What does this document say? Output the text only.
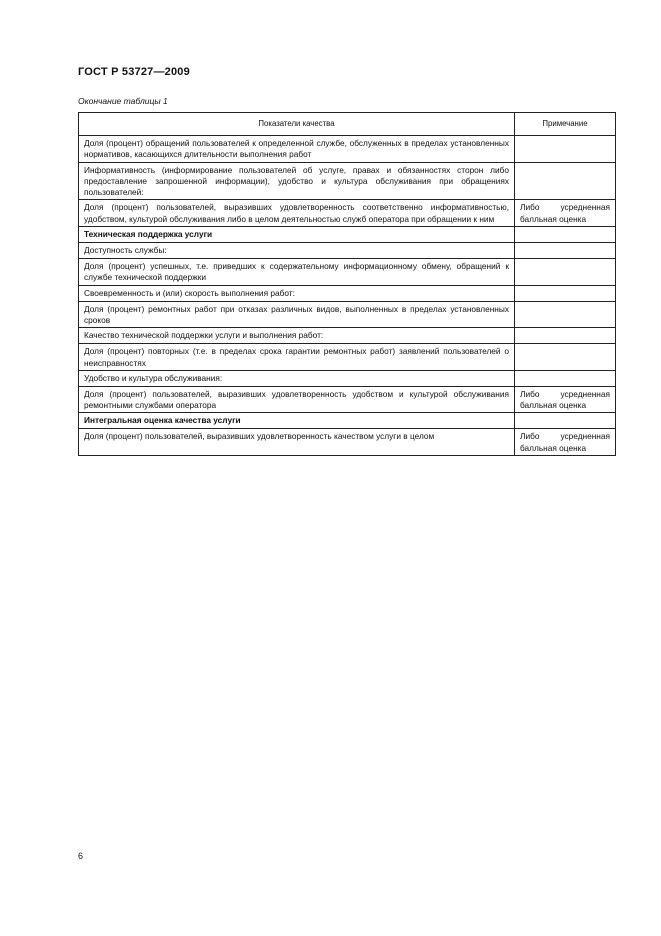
ГОСТ Р 53727—2009
Окончание таблицы 1
Показатели качества	Примечание
Доля (процент) обращений пользователей к определенной службе, обслуженных в пределах установленных нормативов, касающихся длительности выполнения работ	
Информативность (информирование пользователей об услуге, правах и обязанностях сторон либо предоставление запрошенной информации), удобство и культура обслуживания при обращениях пользователей:	
Доля (процент) пользователей, выразивших удовлетворенность соответственно информативностью, удобством, культурой обслуживания либо в целом деятельностью служб оператора при обращении к ним	Либо усредненная балльная оценка
Техническая поддержка услуги	
Доступность службы:	
Доля (процент) успешных, т.е. приведших к содержательному информационному обмену, обращений к службе технической поддержки	
Своевременность и (или) скорость выполнения работ:	
Доля (процент) ремонтных работ при отказах различных видов, выполненных в пределах установленных сроков	
Качество технической поддержки услуги и выполнения работ:	
Доля (процент) повторных (т.е. в пределах срока гарантии ремонтных работ) заявлений пользователей о неисправностях	
Удобство и культура обслуживания:	
Доля (процент) пользователей, выразивших удовлетворенность удобством и культурой обслуживания ремонтными службами оператора	Либо усредненная балльная оценка
Интегральная оценка качества услуги	
Доля (процент) пользователей, выразивших удовлетворенность качеством услуги в целом	Либо усредненная балльная оценка
6
